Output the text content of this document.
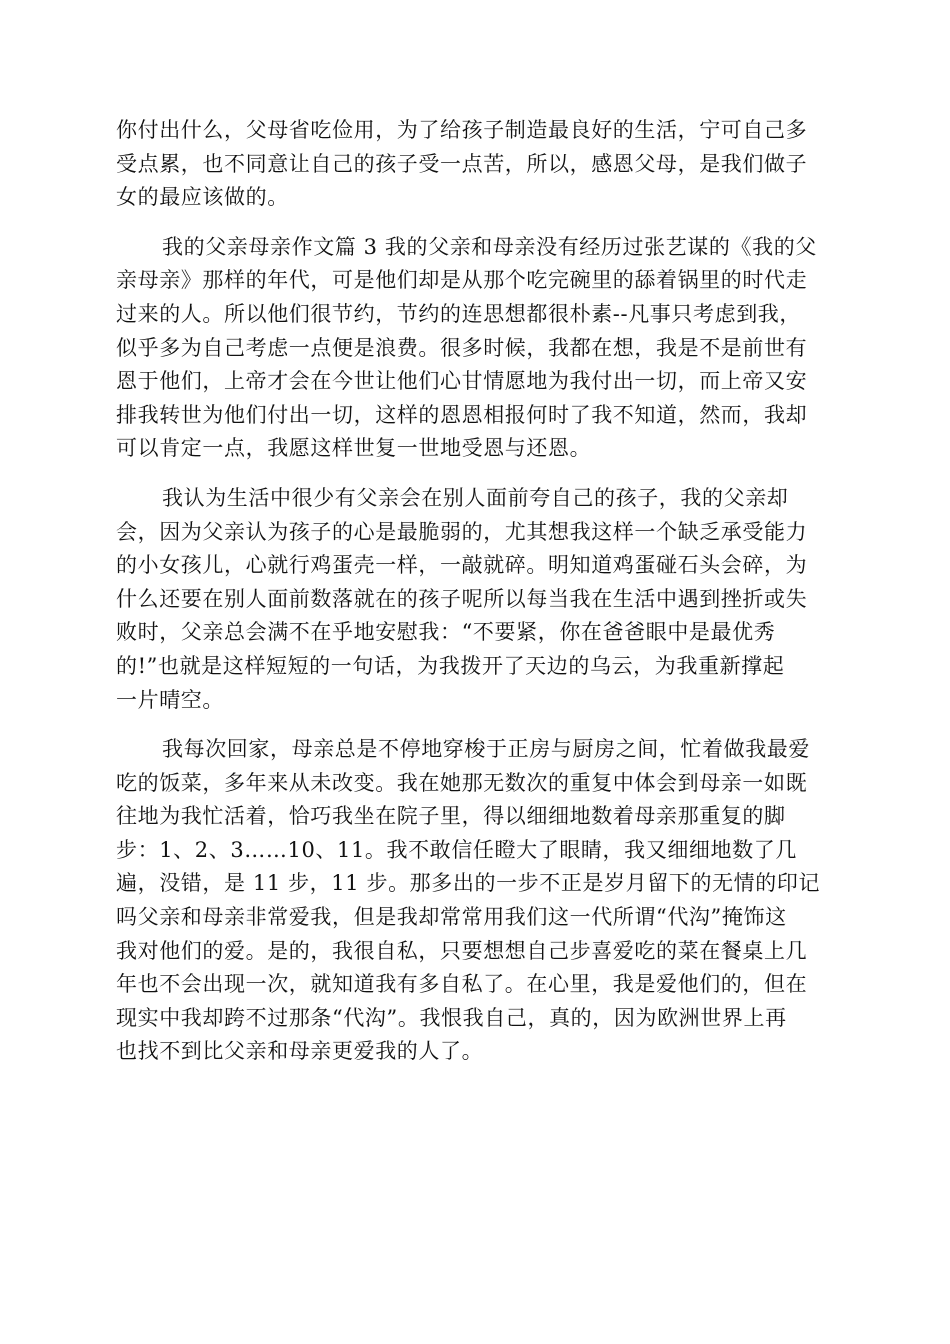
你付出什么，父母省吃俭用，为了给孩子制造最良好的生活，宁可自己多
受点累，也不同意让自己的孩子受一点苦，所以，感恩父母，是我们做子
女的最应该做的。
我的父亲母亲作文篇 3 我的父亲和母亲没有经历过张艺谋的《我的父
亲母亲》那样的年代，可是他们却是从那个吃完碗里的舔着锅里的时代走
过来的人。所以他们很节约，节约的连思想都很朴素--凡事只考虑到我，
似乎多为自己考虑一点便是浪费。很多时候，我都在想，我是不是前世有
恩于他们，上帝才会在今世让他们心甘情愿地为我付出一切，而上帝又安
排我转世为他们付出一切，这样的恩恩相报何时了我不知道，然而，我却
可以肯定一点，我愿这样世复一世地受恩与还恩。
我认为生活中很少有父亲会在别人面前夸自己的孩子，我的父亲却
会，因为父亲认为孩子的心是最脆弱的，尤其想我这样一个缺乏承受能力
的小女孩儿，心就行鸡蛋壳一样，一敲就碎。明知道鸡蛋碰石头会碎，为
什么还要在别人面前数落就在的孩子呢所以每当我在生活中遇到挫折或失
败时，父亲总会满不在乎地安慰我：“不要紧，你在爸爸眼中是最优秀
的!”也就是这样短短的一句话，为我拨开了天边的乌云，为我重新撑起
一片晴空。
我每次回家，母亲总是不停地穿梭于正房与厨房之间，忙着做我最爱
吃的饭菜，多年来从未改变。我在她那无数次的重复中体会到母亲一如既
往地为我忙活着，恰巧我坐在院子里，得以细细地数着母亲那重复的脚
步：1、2、3……10、11。我不敢信任瞪大了眼睛，我又细细地数了几
遍，没错，是 11 步，11 步。那多出的一步不正是岁月留下的无情的印记
吗父亲和母亲非常爱我，但是我却常常用我们这一代所谓“代沟”掩饰这
我对他们的爱。是的，我很自私，只要想想自己步喜爱吃的菜在餐桌上几
年也不会出现一次，就知道我有多自私了。在心里，我是爱他们的，但在
现实中我却跨不过那条“代沟”。我恨我自己，真的，因为欧洲世界上再
也找不到比父亲和母亲更爱我的人了。
